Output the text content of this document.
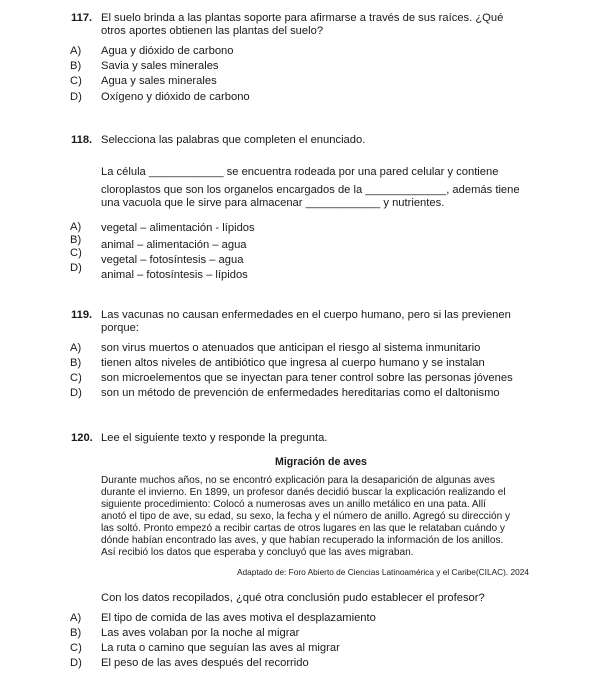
117. El suelo brinda a las plantas soporte para afirmarse a través de sus raíces. ¿Qué
otros aportes obtienen las plantas del suelo?
A) Agua y dióxido de carbono
B) Savia y sales minerales
C) Agua y sales minerales
D) Oxígeno y dióxido de carbono
118. Selecciona las palabras que completen el enunciado.
La célula ____________ se encuentra rodeada por una pared celular y contiene
cloroplastos que son los organelos encargados de la _____________, además tiene
una vacuola que le sirve para almacenar ____________ y nutrientes.
A) vegetal – alimentación - lípidos
B) animal – alimentación – agua
C)
vegetal – fotosíntesis – agua
D)
animal – fotosíntesis – lípidos
119. Las vacunas no causan enfermedades en el cuerpo humano, pero si las previenen
porque:
A) son virus muertos o atenuados que anticipan el riesgo al sistema inmunitario
B) tienen altos niveles de antibiótico que ingresa al cuerpo humano y se instalan
C) son microelementos que se inyectan para tener control sobre las personas jóvenes
D) son un método de prevención de enfermedades hereditarias como el daltonismo
120. Lee el siguiente texto y responde la pregunta.
Migración de aves
Durante muchos años, no se encontró explicación para la desaparición de algunas aves
durante el invierno. En 1899, un profesor danés decidió buscar la explicación realizando el
siguiente procedimiento: Colocó a numerosas aves un anillo metálico en una pata. Allí
anotó el tipo de ave, su edad, su sexo, la fecha y el número de anillo. Agregó su dirección y
las soltó. Pronto empezó a recibir cartas de otros lugares en las que le relataban cuándo y
dónde habían encontrado las aves, y que habían recuperado la información de los anillos.
Así recibió los datos que esperaba y concluyó que las aves migraban.
Adaptado de: Foro Abierto de Ciencias Latinoamérica y el Caribe(CILAC). 2024
Con los datos recopilados, ¿qué otra conclusión pudo establecer el profesor?
A) El tipo de comida de las aves motiva el desplazamiento
B) Las aves volaban por la noche al migrar
C) La ruta o camino que seguían las aves al migrar
D) El peso de las aves después del recorrido
